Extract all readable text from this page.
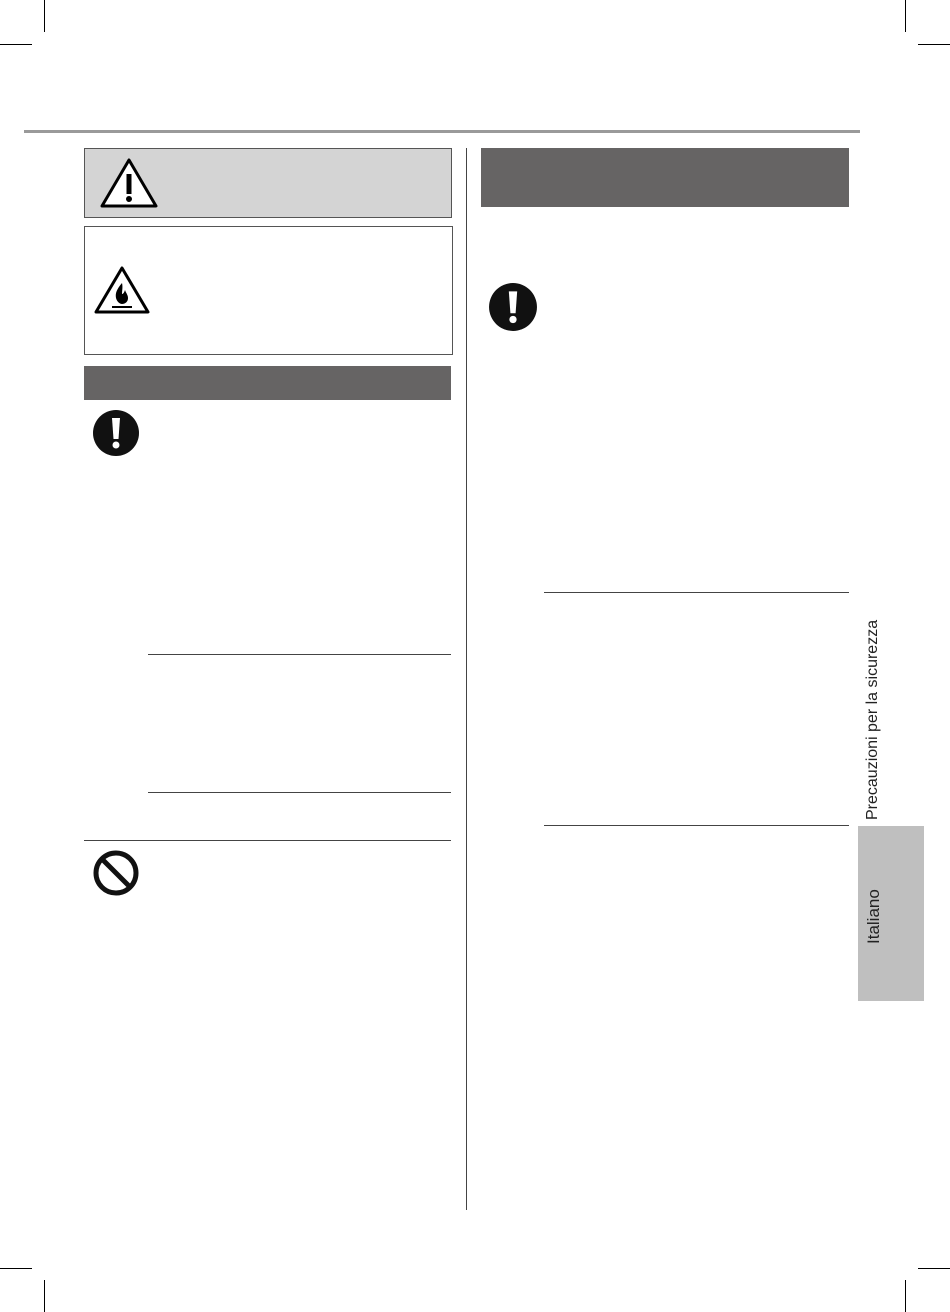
Precauzioni per la sicurezza
Italiano
